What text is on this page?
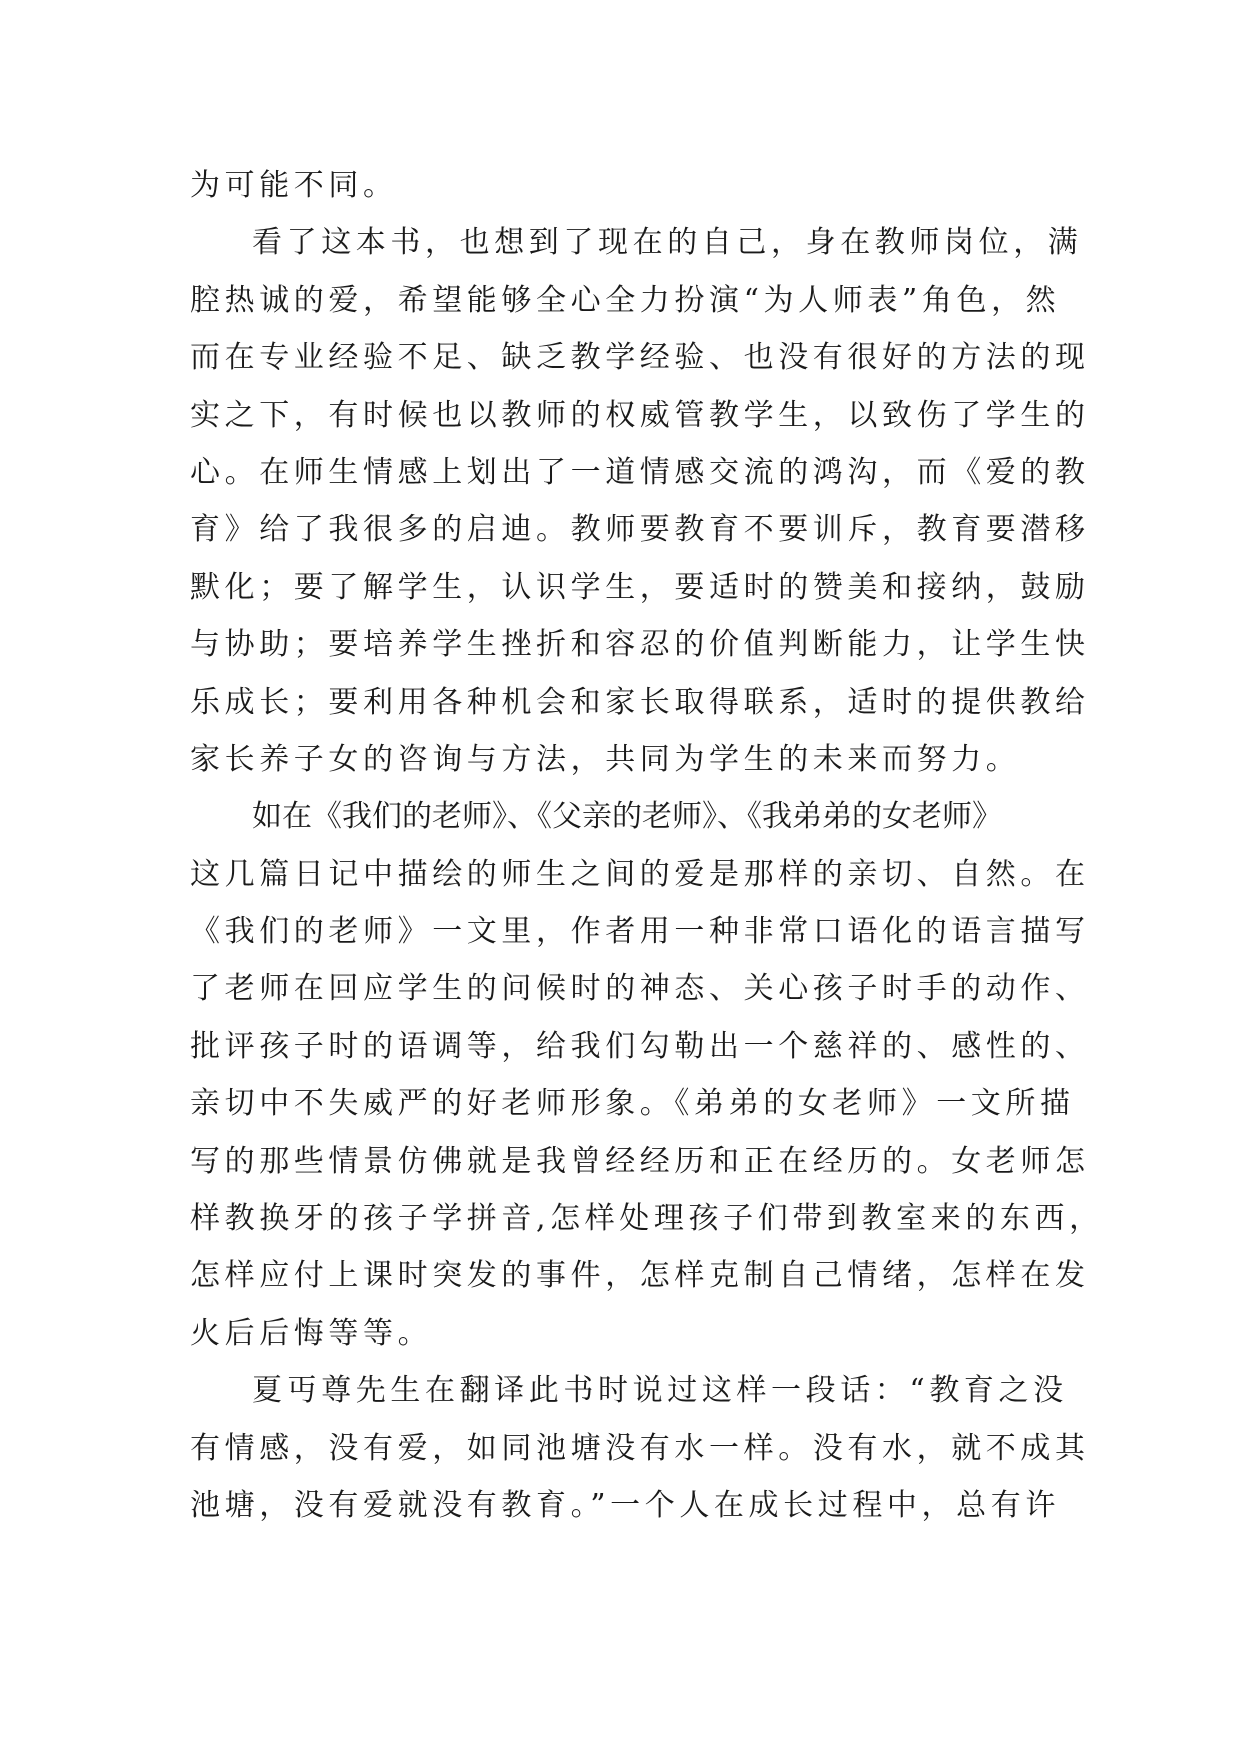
为可能不同。
看了这本书，也想到了现在的自己，身在教师岗位，满
腔热诚的爱，希望能够全心全力扮演“为人师表”角色，然
而在专业经验不足、缺乏教学经验、也没有很好的方法的现
实之下，有时候也以教师的权威管教学生，以致伤了学生的
心。在师生情感上划出了一道情感交流的鸿沟，而《爱的教
育》给了我很多的启迪。教师要教育不要训斥，教育要潜移
默化；要了解学生，认识学生，要适时的赞美和接纳，鼓励
与协助；要培养学生挫折和容忍的价值判断能力，让学生快
乐成长；要利用各种机会和家长取得联系，适时的提供教给
家长养子女的咨询与方法，共同为学生的未来而努力。
如在《我们的老师》、《父亲的老师》、《我弟弟的女老师》
这几篇日记中描绘的师生之间的爱是那样的亲切、自然。在
《我们的老师》一文里，作者用一种非常口语化的语言描写
了老师在回应学生的问候时的神态、关心孩子时手的动作、
批评孩子时的语调等，给我们勾勒出一个慈祥的、感性的、
亲切中不失威严的好老师形象。《弟弟的女老师》一文所描
写的那些情景仿佛就是我曾经经历和正在经历的。女老师怎
样教换牙的孩子学拼音,怎样处理孩子们带到教室来的东西，
怎样应付上课时突发的事件，怎样克制自己情绪，怎样在发
火后后悔等等。
夏丏尊先生在翻译此书时说过这样一段话：“教育之没
有情感，没有爱，如同池塘没有水一样。没有水，就不成其
池塘，没有爱就没有教育。”一个人在成长过程中，总有许
